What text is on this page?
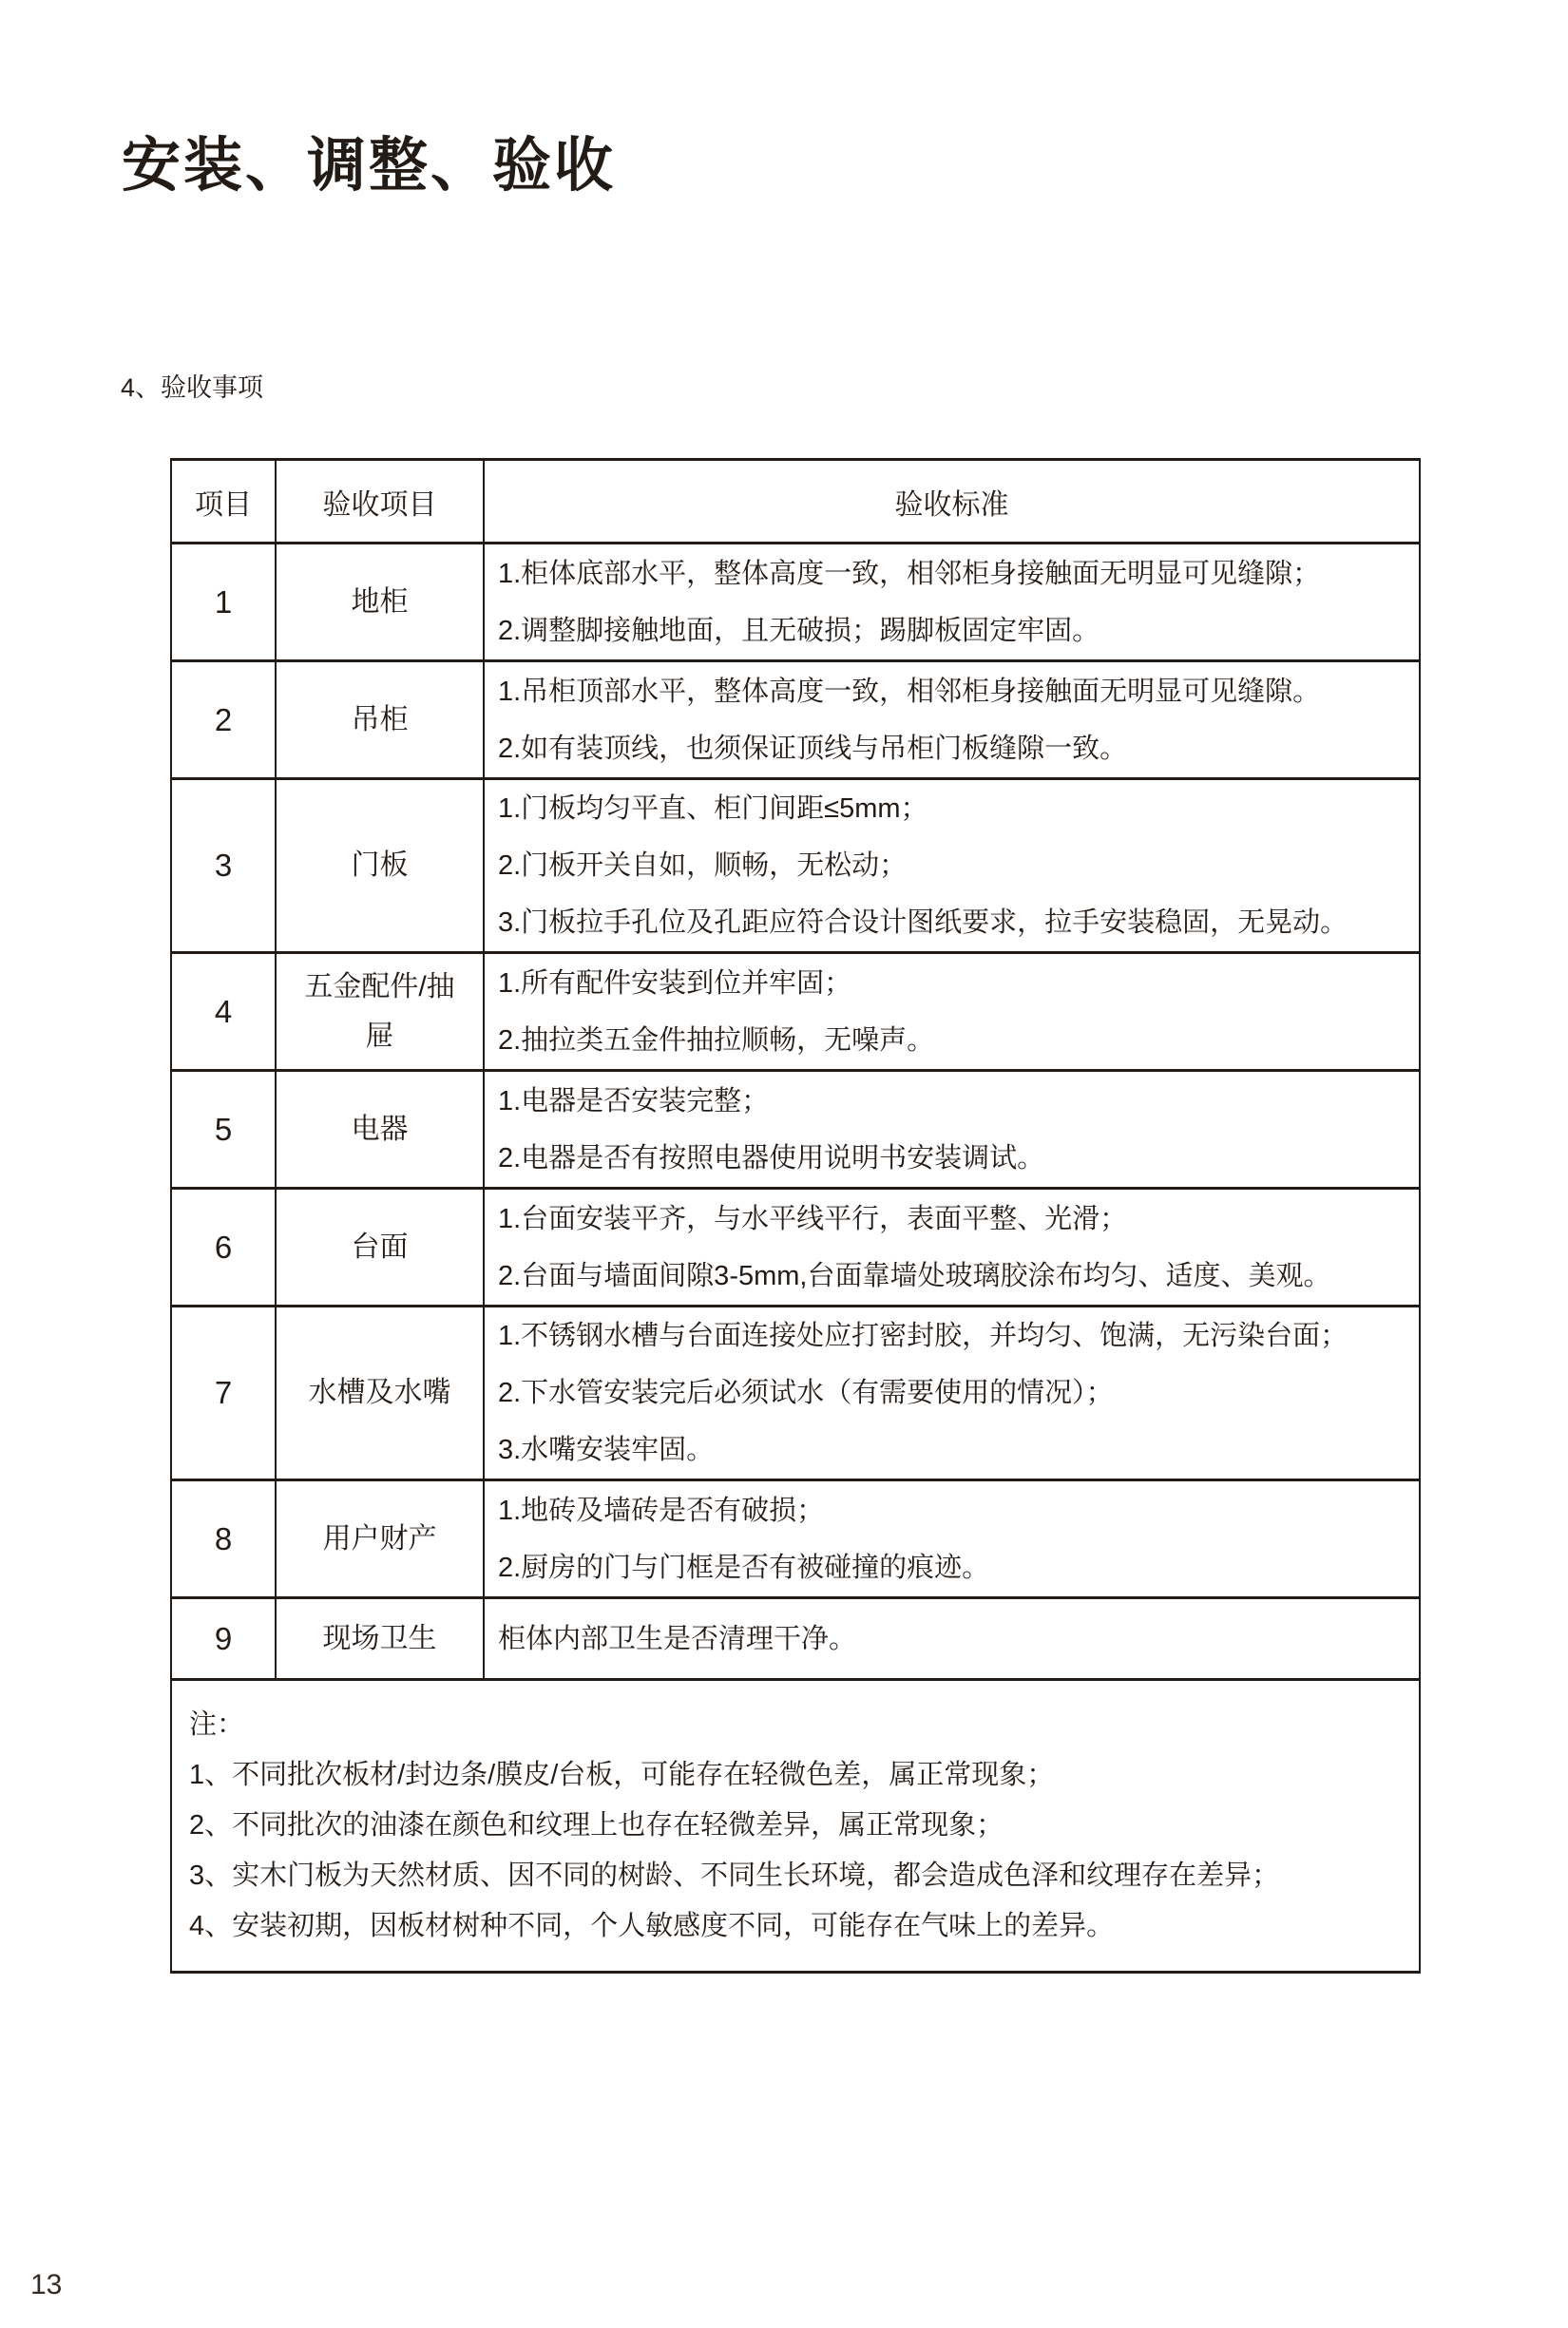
安装、调整、验收
4、验收事项
项目	验收项目	验收标准
1	地柜	1.柜体底部水平，整体高度一致，相邻柜身接触面无明显可见缝隙；
2.调整脚接触地面，且无破损；踢脚板固定牢固。

2	吊柜	1.吊柜顶部水平，整体高度一致，相邻柜身接触面无明显可见缝隙。
2.如有装顶线，也须保证顶线与吊柜门板缝隙一致。

3	门板	1.门板均匀平直、柜门间距≤5mm；
2.门板开关自如，顺畅，无松动；
3.门板拉手孔位及孔距应符合设计图纸要求，拉手安装稳固，无晃动。

4	五金配件/抽屉	1.所有配件安装到位并牢固；
2.抽拉类五金件抽拉顺畅，无噪声。

5	电器	1.电器是否安装完整；
2.电器是否有按照电器使用说明书安装调试。

6	台面	1.台面安装平齐，与水平线平行，表面平整、光滑；
2.台面与墙面间隙3-5mm,台面靠墙处玻璃胶涂布均匀、适度、美观。

7	水槽及水嘴	1.不锈钢水槽与台面连接处应打密封胶，并均匀、饱满，无污染台面；
2.下水管安装完后必须试水（有需要使用的情况）；
3.水嘴安装牢固。

8	用户财产	1.地砖及墙砖是否有破损；
2.厨房的门与门框是否有被碰撞的痕迹。

9	现场卫生	柜体内部卫生是否清理干净。

注：
1、不同批次板材/封边条/膜皮/台板，可能存在轻微色差，属正常现象；
2、不同批次的油漆在颜色和纹理上也存在轻微差异，属正常现象；
3、实木门板为天然材质、因不同的树龄、不同生长环境，都会造成色泽和纹理存在差异；
4、安装初期，因板材树种不同，个人敏感度不同，可能存在气味上的差异。		
13
